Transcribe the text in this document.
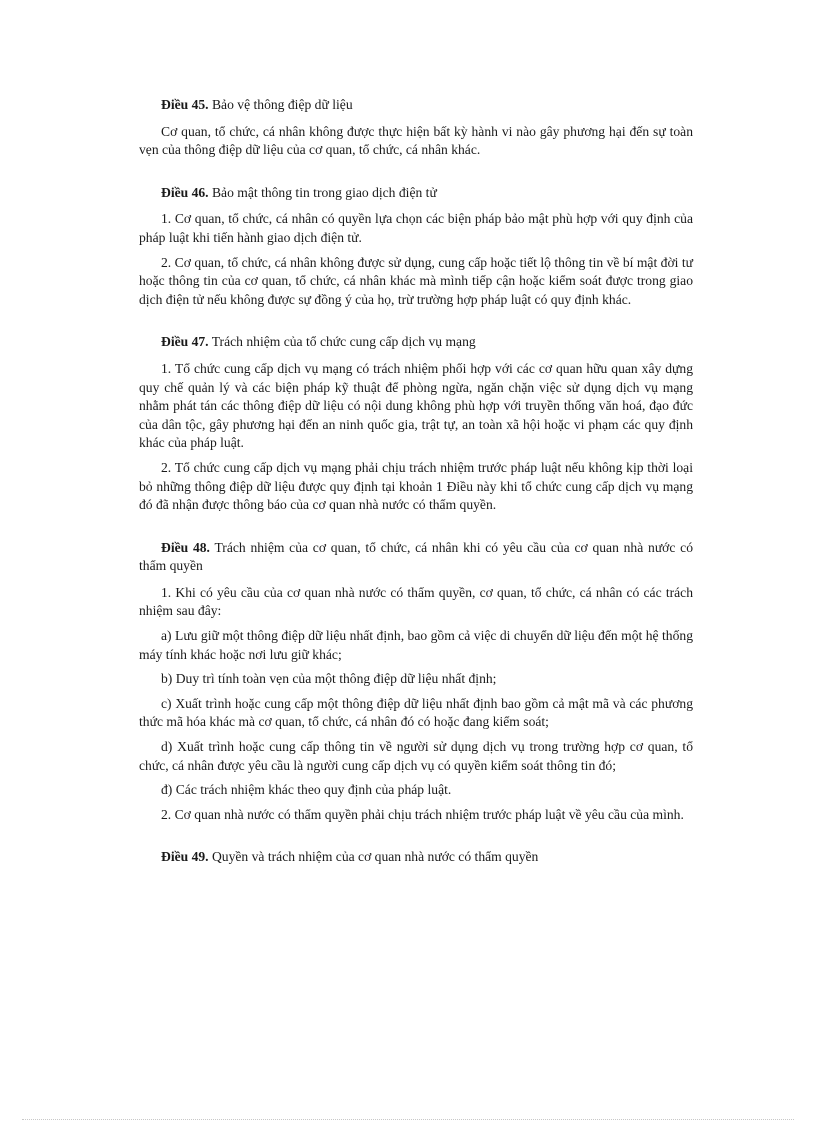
Điều 45. Bảo vệ thông điệp dữ liệu

Cơ quan, tổ chức, cá nhân không được thực hiện bất kỳ hành vi nào gây phương hại đến sự toàn vẹn của thông điệp dữ liệu của cơ quan, tổ chức, cá nhân khác.

Điều 46. Bảo mật thông tin trong giao dịch điện tử

1. Cơ quan, tổ chức, cá nhân có quyền lựa chọn các biện pháp bảo mật phù hợp với quy định của pháp luật khi tiến hành giao dịch điện tử.

2. Cơ quan, tổ chức, cá nhân không được sử dụng, cung cấp hoặc tiết lộ thông tin về bí mật đời tư hoặc thông tin của cơ quan, tổ chức, cá nhân khác mà mình tiếp cận hoặc kiểm soát được trong giao dịch điện tử nếu không được sự đồng ý của họ, trừ trường hợp pháp luật có quy định khác.

Điều 47. Trách nhiệm của tổ chức cung cấp dịch vụ mạng

1. Tổ chức cung cấp dịch vụ mạng có trách nhiệm phối hợp với các cơ quan hữu quan xây dựng quy chế quản lý và các biện pháp kỹ thuật để phòng ngừa, ngăn chặn việc sử dụng dịch vụ mạng nhằm phát tán các thông điệp dữ liệu có nội dung không phù hợp với truyền thống văn hoá, đạo đức của dân tộc, gây phương hại đến an ninh quốc gia, trật tự, an toàn xã hội hoặc vi phạm các quy định khác của pháp luật.

2. Tổ chức cung cấp dịch vụ mạng phải chịu trách nhiệm trước pháp luật nếu không kịp thời loại bỏ những thông điệp dữ liệu được quy định tại khoản 1 Điều này khi tổ chức cung cấp dịch vụ mạng đó đã nhận được thông báo của cơ quan nhà nước có thẩm quyền.

Điều 48. Trách nhiệm của cơ quan, tổ chức, cá nhân khi có yêu cầu của cơ quan nhà nước có thẩm quyền

1. Khi có yêu cầu của cơ quan nhà nước có thẩm quyền, cơ quan, tổ chức, cá nhân có các trách nhiệm sau đây:

a) Lưu giữ một thông điệp dữ liệu nhất định, bao gồm cả việc di chuyển dữ liệu đến một hệ thống máy tính khác hoặc nơi lưu giữ khác;

b) Duy trì tính toàn vẹn của một thông điệp dữ liệu nhất định;

c) Xuất trình hoặc cung cấp một thông điệp dữ liệu nhất định bao gồm cả mật mã và các phương thức mã hóa khác mà cơ quan, tổ chức, cá nhân đó có hoặc đang kiểm soát;

d) Xuất trình hoặc cung cấp thông tin về người sử dụng dịch vụ trong trường hợp cơ quan, tổ chức, cá nhân được yêu cầu là người cung cấp dịch vụ có quyền kiểm soát thông tin đó;

đ) Các trách nhiệm khác theo quy định của pháp luật.

2. Cơ quan nhà nước có thẩm quyền phải chịu trách nhiệm trước pháp luật về yêu cầu của mình.

Điều 49. Quyền và trách nhiệm của cơ quan nhà nước có thẩm quyền
